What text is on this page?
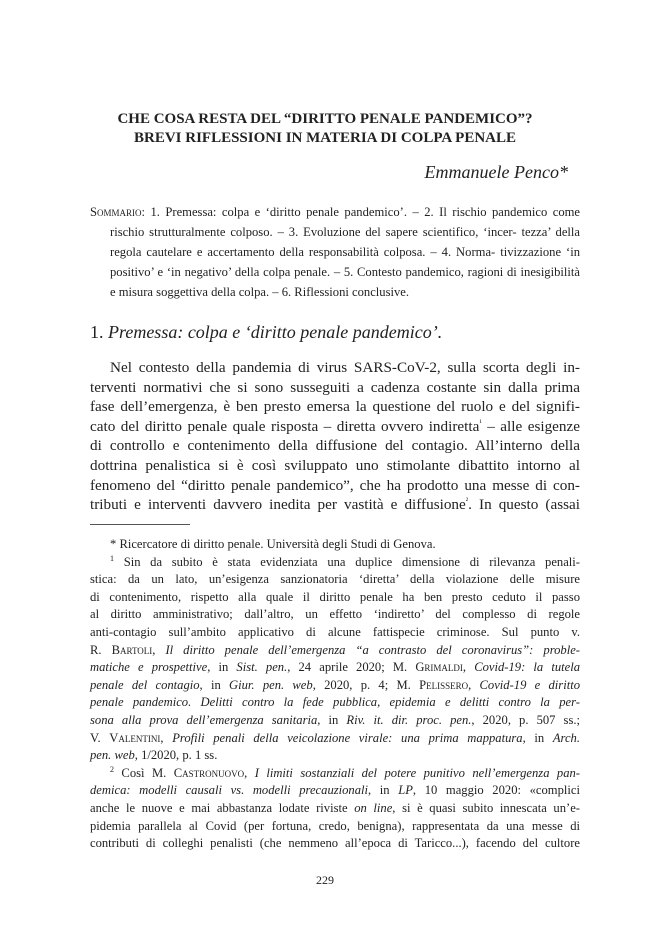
CHE COSA RESTA DEL “DIRITTO PENALE PANDEMICO”?
BREVI RIFLESSIONI IN MATERIA DI COLPA PENALE
Emmanuele Penco*
Sommario: 1. Premessa: colpa e ‘diritto penale pandemico’. – 2. Il rischio pandemico come rischio strutturalmente colposo. – 3. Evoluzione del sapere scientifico, ‘incer- tezza’ della regola cautelare e accertamento della responsabilità colposa. – 4. Norma- tivizzazione ‘in positivo’ e ‘in negativo’ della colpa penale. – 5. Contesto pandemico, ragioni di inesigibilità e misura soggettiva della colpa. – 6. Riflessioni conclusive.
1. Premessa: colpa e ‘diritto penale pandemico’.
Nel contesto della pandemia di virus SARS-CoV-2, sulla scorta degli in-
terventi normativi che si sono susseguiti a cadenza costante sin dalla prima
fase dell’emergenza, è ben presto emersa la questione del ruolo e del signifi-
cato del diritto penale quale risposta – diretta ovvero indiretta$^{^1}$ – alle esigenze
di controllo e contenimento della diffusione del contagio. All’interno della
dottrina penalistica si è così sviluppato uno stimolante dibattito intorno al
fenomeno del “diritto penale pandemico”, che ha prodotto una messe di con-
tributi e interventi davvero inedita per vastità e diffusione$^{^2}$. In questo (assai
* Ricercatore di diritto penale. Università degli Studi di Genova.
$^1$ Sin da subito è stata evidenziata una duplice dimensione di rilevanza penali-
stica: da un lato, un’esigenza sanzionatoria ‘diretta’ della violazione delle misure
di contenimento, rispetto alla quale il diritto penale ha ben presto ceduto il passo
al diritto amministrativo; dall’altro, un effetto ‘indiretto’ del complesso di regole
anti-contagio sull’ambito applicativo di alcune fattispecie criminose. Sul punto v.
R. Bartoli, Il diritto penale dell’emergenza “a contrasto del coronavirus”: proble-
matiche e prospettive, in Sist. pen., 24 aprile 2020; M. Grimaldi, Covid-19: la tutela
penale del contagio, in Giur. pen. web, 2020, p. 4; M. Pelissero, Covid-19 e diritto
penale pandemico. Delitti contro la fede pubblica, epidemia e delitti contro la per-
sona alla prova dell’emergenza sanitaria, in Riv. it. dir. proc. pen., 2020, p. 507 ss.;
V. Valentini, Profili penali della veicolazione virale: una prima mappatura, in Arch.
pen. web, 1/2020, p. 1 ss.
$^2$ Così M. Castronuovo, I limiti sostanziali del potere punitivo nell’emergenza pan-
demica: modelli causali vs. modelli precauzionali, in LP, 10 maggio 2020: «complici
anche le nuove e mai abbastanza lodate riviste on line, si è quasi subito innescata un’e-
pidemia parallela al Covid (per fortuna, credo, benigna), rappresentata da una messe di
contributi di colleghi penalisti (che nemmeno all’epoca di Taricco...), facendo del cultore
229
